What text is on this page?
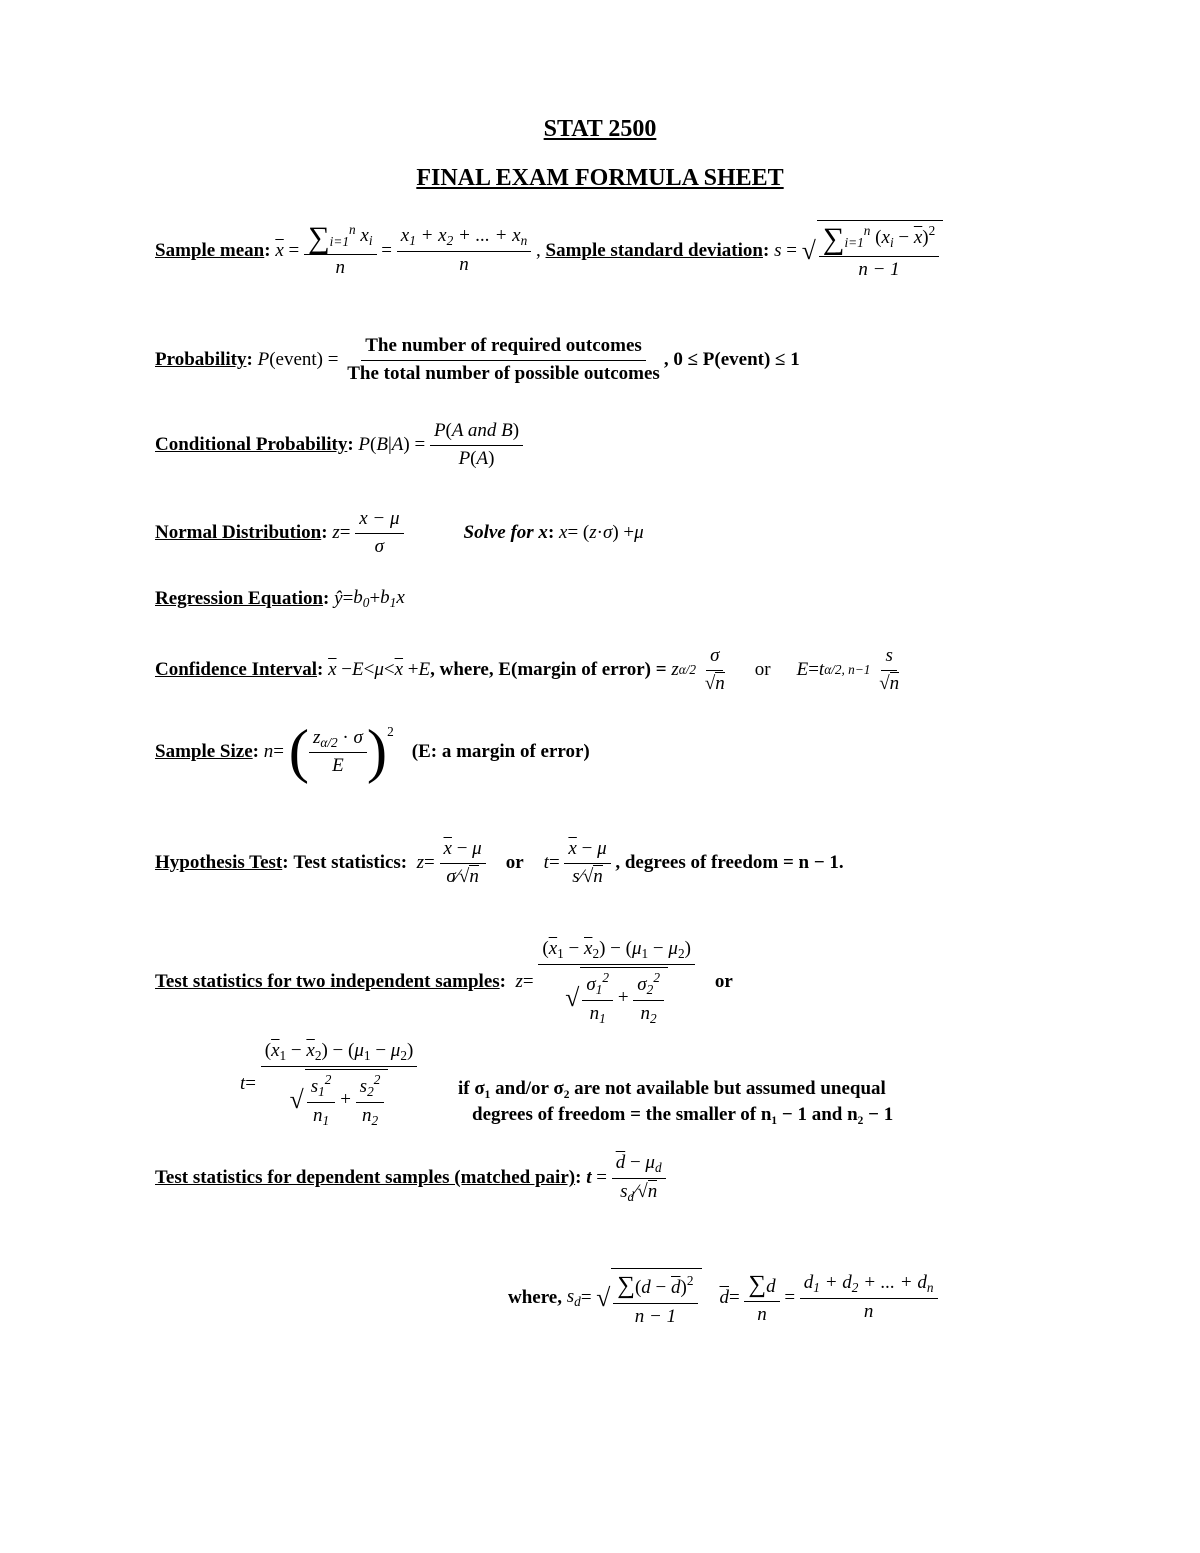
STAT 2500
FINAL EXAM FORMULA SHEET
Sample mean :
$\overline{x} = \frac{\sum_{i=1}^n x_i}{n} = \frac{x_1 + x_2 + ... + x_n}{n}$ , Sample standard deviation :
s = √ $\frac{\sum_{i=1}^n (x_i - \overline{x})^2}{n - 1}$
Probability :
P (event) = $\frac{\text{The number of required outcomes}}{\text{The total number of possible outcomes}}$ , 0 ≤ P(event) ≤ 1
Conditional Probability :
P ( B | A ) = $\frac{\text{P(A and B)}}{P(A)}$
Normal Distribution :
$z = \frac{x - \mu}{\sigma}$	Solve for x :
x = ( z · σ ) + μ
Regression Equation :
ŷ = $b_0 + b_1x$
Confidence Interval :
$\overline{x} - E < \mu < \overline{x} + E$ , where, E(margin of error) =
z α/2
$\frac{\sigma}{√n}$ or E = t α/2, n−1
$\frac{s}{√n}$
Sample Size :
n = ( $\frac{z_{\alpha/2} \cdot \sigma}{E}$ ) 2
(E: a margin of error)
Hypothesis Test :
Test statistics:
$z = \frac{\overline{x} - \mu}{\sigma⁄√n}$ or $t = \frac{\overline{x} - \mu}{s⁄√n}$
, degrees of freedom = n − 1.
Test statistics for two independent samples :
$z = \frac{(\overline{x}_1 - \overline{x}_2) - (\mu_1 - \mu_2)}{√ \frac{\sigma_1^2}{n_1} + \frac{\sigma_2^2}{n_2}}$ or
$t = \frac{(\overline{x}_1 - \overline{x}_2) - (\mu_1 - \mu_2)}{√ \frac{s_1^2}{n_1} + \frac{s_2^2}{n_2}}$ if σ₁ and/or σ₂ are not available but assumed unequal
degrees of freedom = the smaller of n₁ − 1 and n₂ − 1
Test statistics for dependent samples (matched pair) :
$t = \frac{\overline{d} - \mu_d}{s_d⁄√n}$
where,
$s_d$ = √ $\frac{\sum(d - \overline{d})^2}{n - 1} \overline{d} = \frac{\sum d}{n} = \frac{d_1 + d_2 + ... + d_n}{n}$
